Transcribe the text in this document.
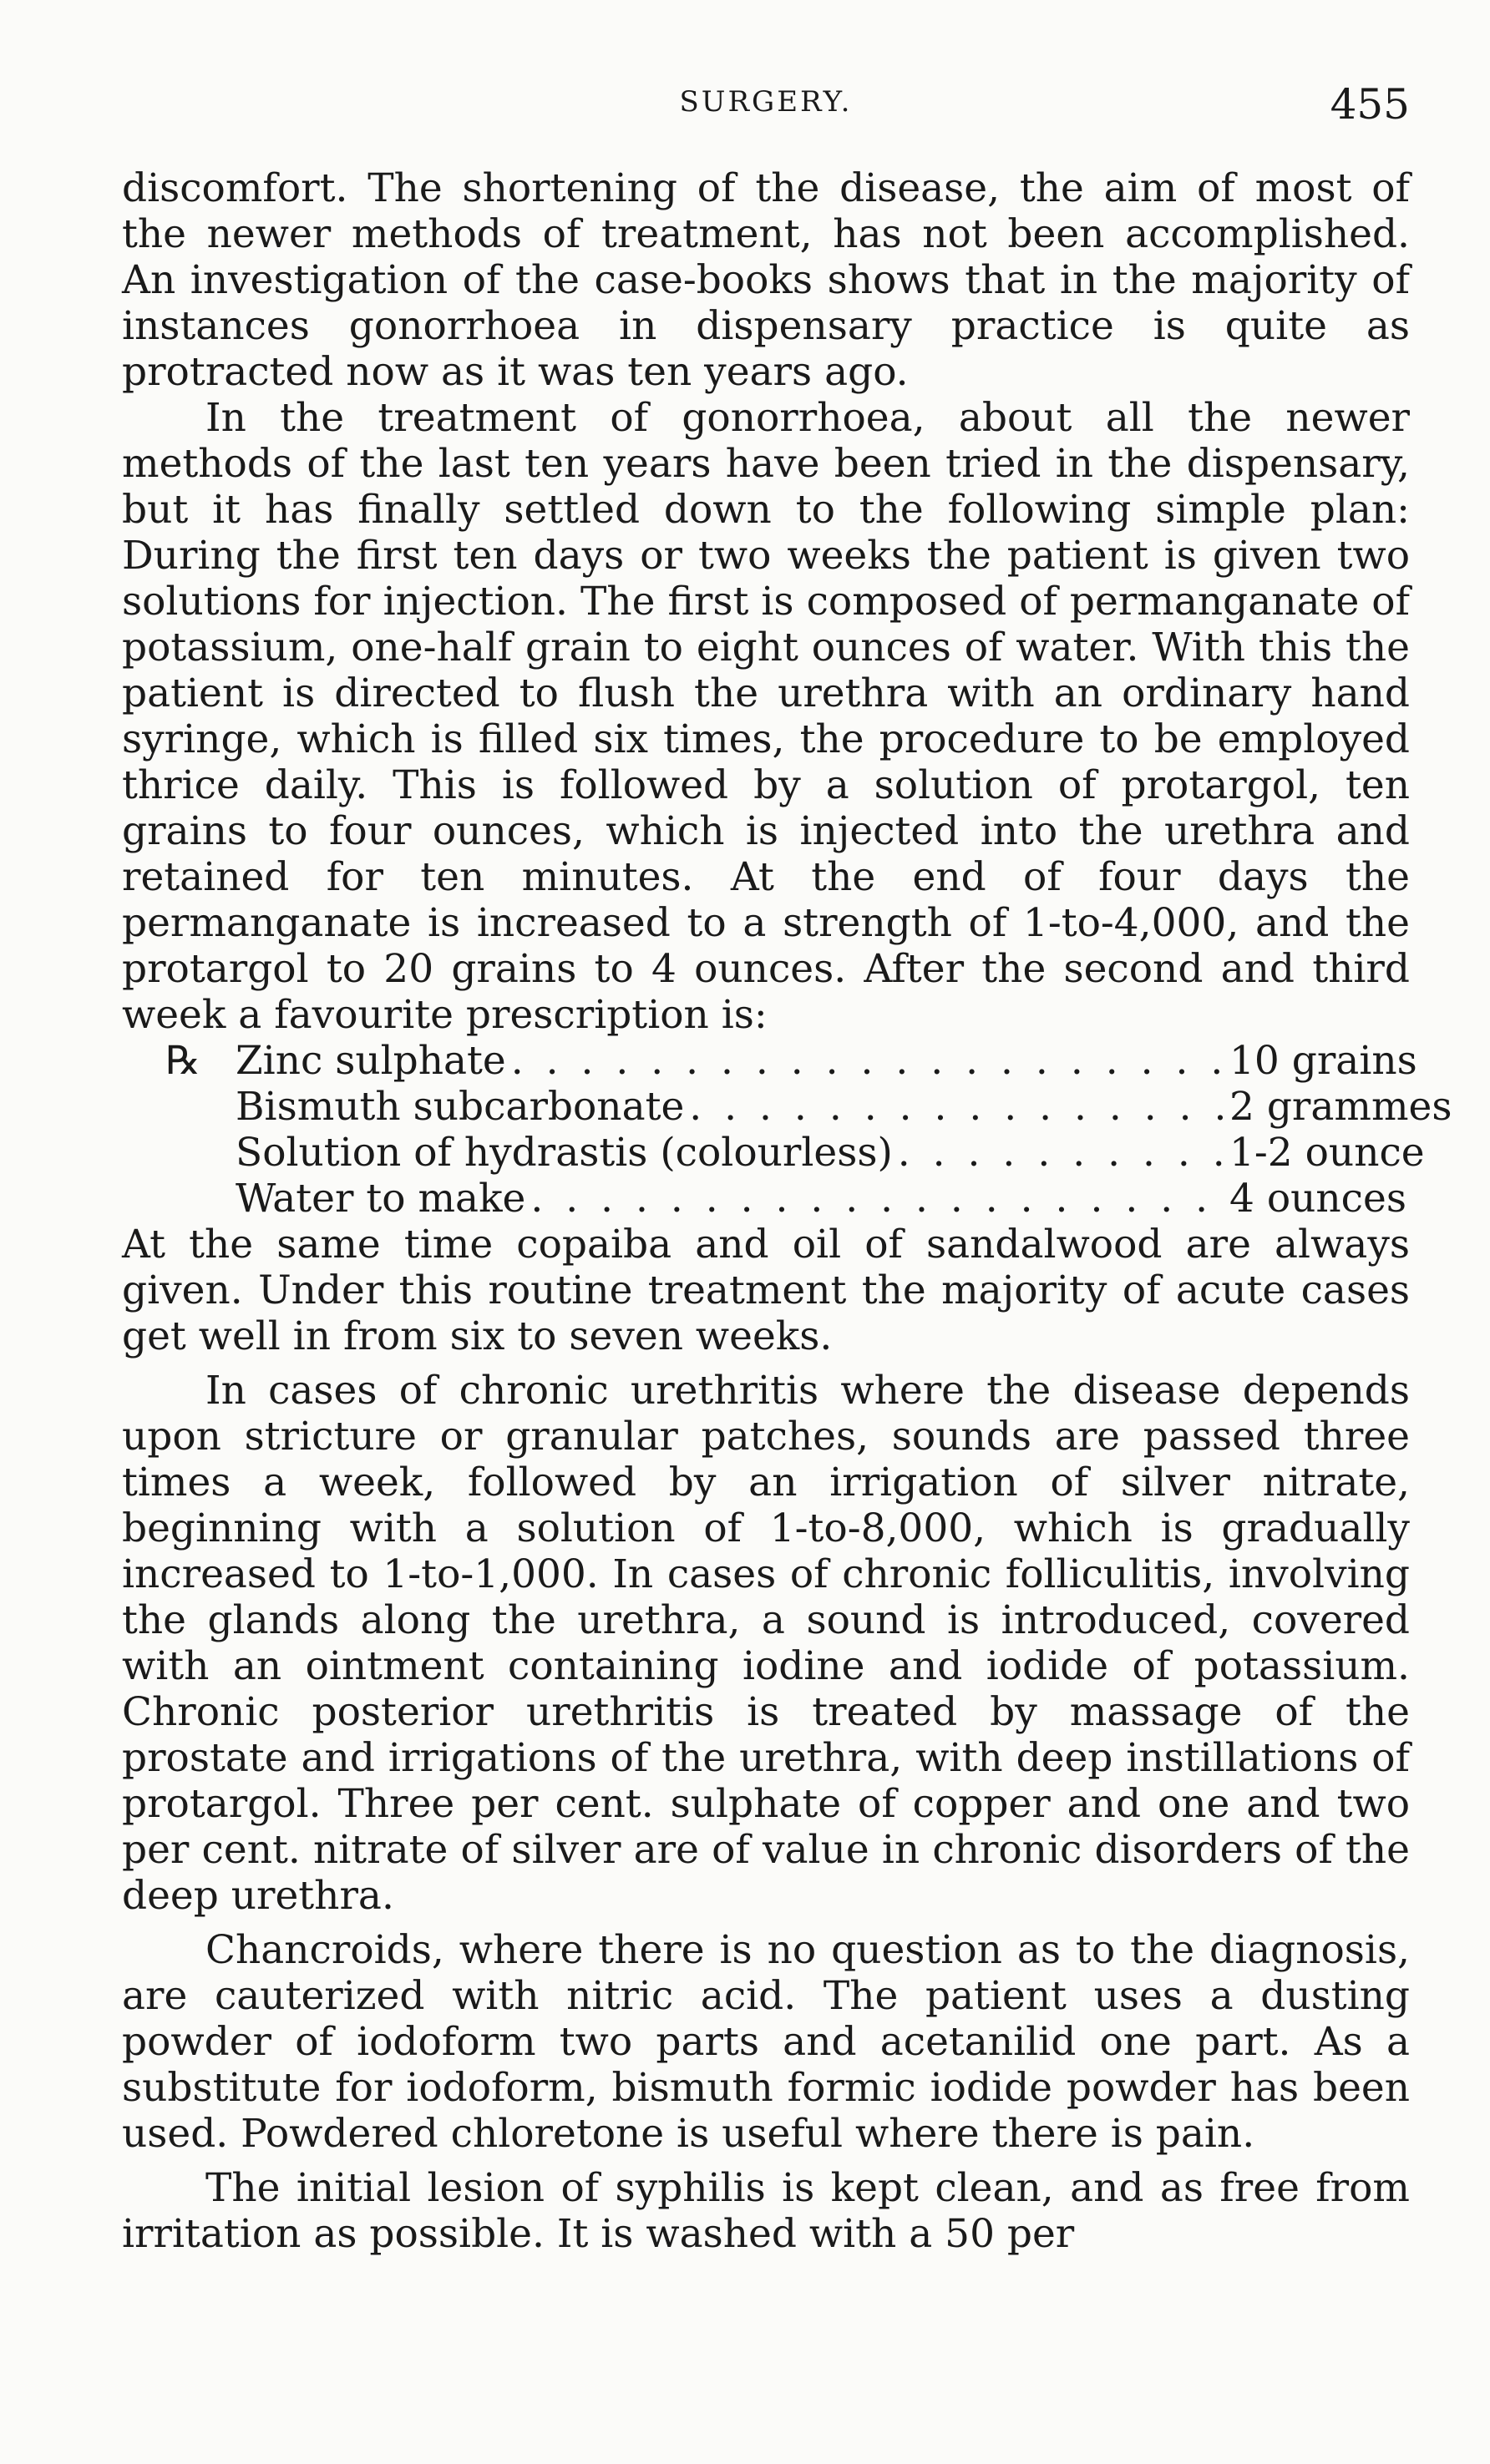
SURGERY.	455

discomfort. The shortening of the disease, the aim of most of the newer methods of treatment, has not been accomplished. An investigation of the case-books shows that in the majority of instances gonorrhoea in dispensary practice is quite as protracted now as it was ten years ago.

In the treatment of gonorrhoea, about all the newer methods of the last ten years have been tried in the dispensary, but it has finally settled down to the following simple plan: During the first ten days or two weeks the patient is given two solutions for injection. The first is composed of permanganate of potassium, one-half grain to eight ounces of water. With this the patient is directed to flush the urethra with an ordinary hand syringe, which is filled six times, the procedure to be employed thrice daily. This is followed by a solution of protargol, ten grains to four ounces, which is injected into the urethra and retained for ten minutes. At the end of four days the permanganate is increased to a strength of 1-to-4,000, and the protargol to 20 grains to 4 ounces. After the second and third week a favourite prescription is:

℞ Zinc sulphate . . .	10 grains
Bismuth subcarbonate . . .	2 grammes
Solution of hydrastis (colourless) . . .	1-2 ounce
Water to make . . .	4 ounces

At the same time copaiba and oil of sandalwood are always given. Under this routine treatment the majority of acute cases get well in from six to seven weeks.

In cases of chronic urethritis where the disease depends upon stricture or granular patches, sounds are passed three times a week, followed by an irrigation of silver nitrate, beginning with a solution of 1-to-8,000, which is gradually increased to 1-to-1,000. In cases of chronic folliculitis, involving the glands along the urethra, a sound is introduced, covered with an ointment containing iodine and iodide of potassium. Chronic posterior urethritis is treated by massage of the prostate and irrigations of the urethra, with deep instillations of protargol. Three per cent. sulphate of copper and one and two per cent. nitrate of silver are of value in chronic disorders of the deep urethra.

Chancroids, where there is no question as to the diagnosis, are cauterized with nitric acid. The patient uses a dusting powder of iodoform two parts and acetanilid one part. As a substitute for iodoform, bismuth formic iodide powder has been used. Powdered chloretone is useful where there is pain.

The initial lesion of syphilis is kept clean, and as free from irritation as possible. It is washed with a 50 per
